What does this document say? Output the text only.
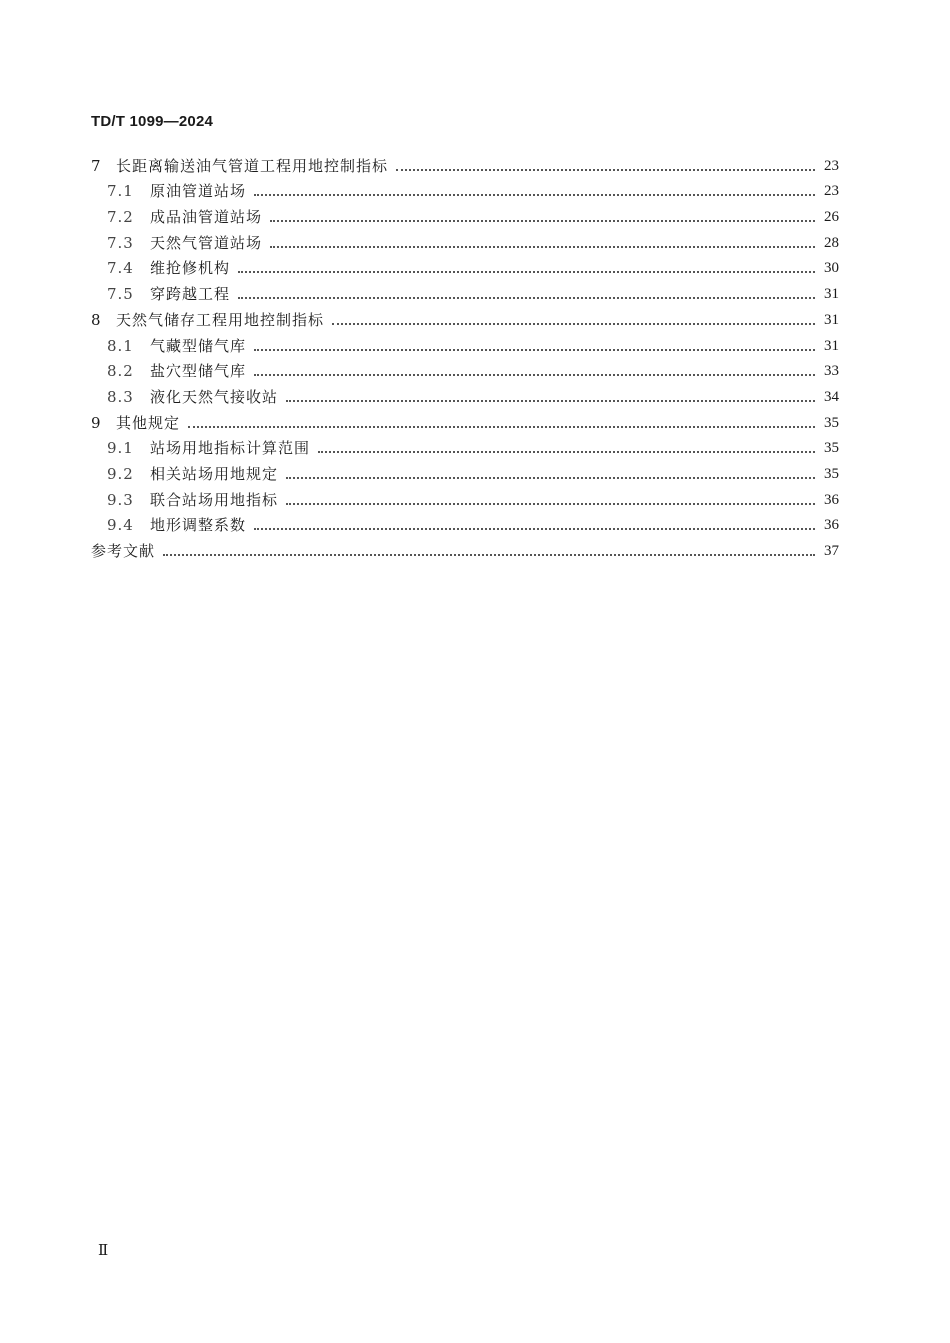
TD/T 1099—2024
7	长距离输送油气管道工程用地控制指标	23
7.1	原油管道站场	23
7.2	成品油管道站场	26
7.3	天然气管道站场	28
7.4	维抢修机构	30
7.5	穿跨越工程	31
8	天然气储存工程用地控制指标	31
8.1	气藏型储气库	31
8.2	盐穴型储气库	33
8.3	液化天然气接收站	34
9	其他规定	35
9.1	站场用地指标计算范围	35
9.2	相关站场用地规定	35
9.3	联合站场用地指标	36
9.4	地形调整系数	36
参考文献	37
Ⅱ
